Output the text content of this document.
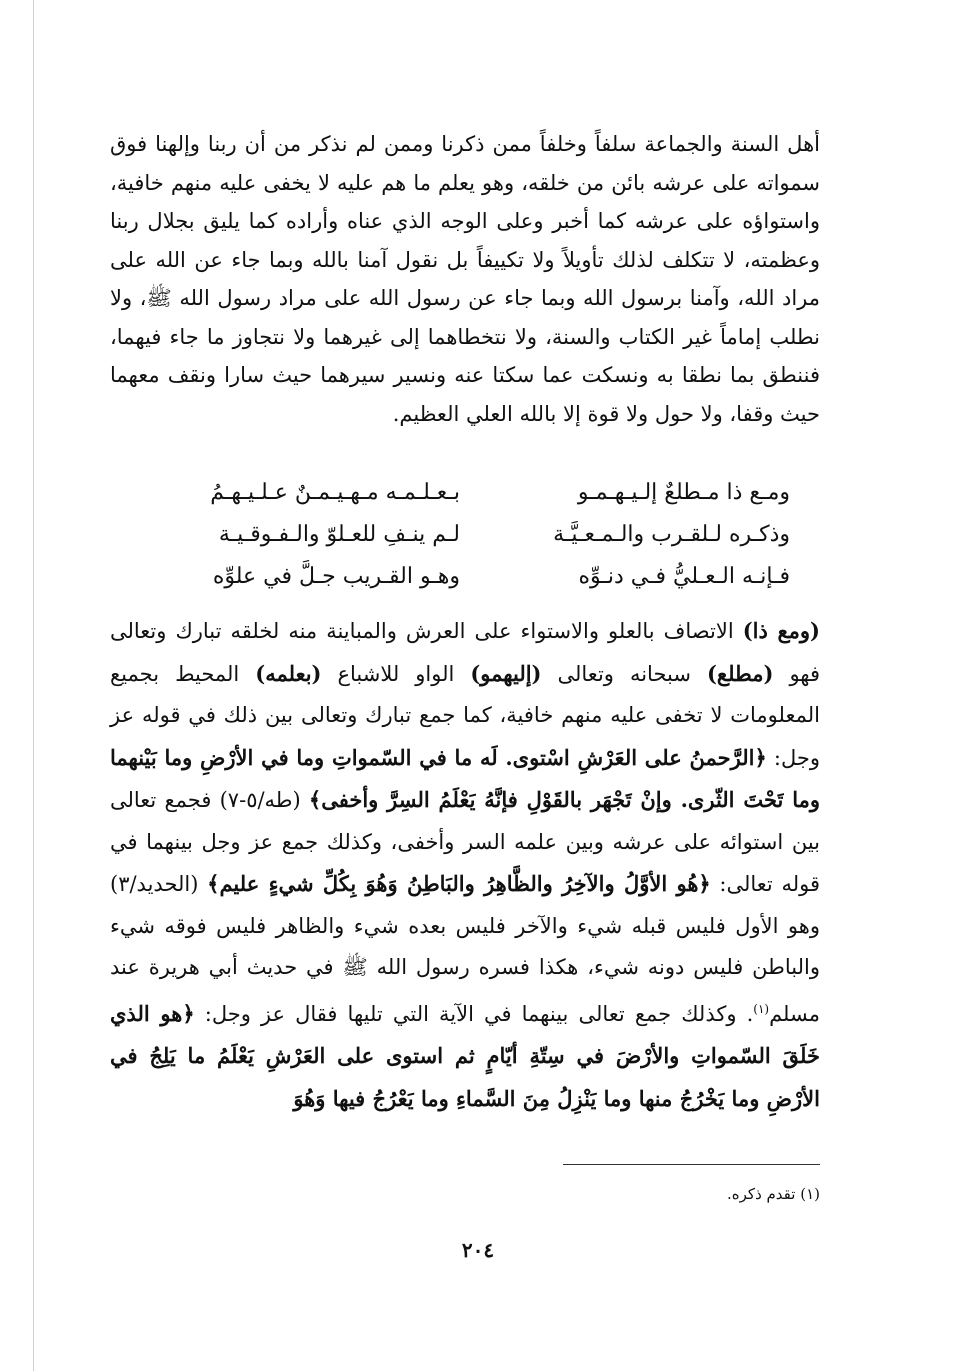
أهل السنة والجماعة سلفاً وخلفاً ممن ذكرنا وممن لم نذكر من أن ربنا وإلهنا فوق سمواته على عرشه بائن من خلقه، وهو يعلم ما هم عليه لا يخفى عليه منهم خافية، واستواؤه على عرشه كما أخبر وعلى الوجه الذي عناه وأراده كما يليق بجلال ربنا وعظمته، لا تتكلف لذلك تأويلاً ولا تكييفاً بل نقول آمنا بالله وبما جاء عن الله على مراد الله، وآمنا برسول الله وبما جاء عن رسول الله على مراد رسول الله ﷺ، ولا نطلب إماماً غير الكتاب والسنة، ولا نتخطاهما إلى غيرهما ولا نتجاوز ما جاء فيهما، فننطق بما نطقا به ونسكت عما سكتا عنه ونسير سيرهما حيث سارا ونقف معهما حيث وقفا، ولا حول ولا قوة إلا بالله العلي العظيم.

ومـع ذا مـطلعٌ إلـيـهـمـو
بـعـلـمـه مـهـيـمـنٌ عـلـيـهـمُ
وذكـره لـلقـرب والـمـعـيَّـة
لـم ينـفِ للعـلوّ والـفـوقـيـة
فـإنـه الـعـليُّ فـي دنـوِّه
وهـو القـريب جـلَّ في علوِّه

(ومع ذا) الاتصاف بالعلو والاستواء على العرش والمباينة منه لخلقه تبارك وتعالى فهو (مطلع) سبحانه وتعالى (إليهمو) الواو للاشباع (بعلمه) المحيط بجميع المعلومات لا تخفى عليه منهم خافية، كما جمع تبارك وتعالى بين ذلك في قوله عز وجل: ﴿الرَّحمنُ على العَرْشِ اسْتوى. لَه ما في السّمواتِ وما في الأرْضِ وما بَيْنهما وما تَحْتَ الثّرى. وإنْ تَجْهَر بالقَوْلِ فإنَّهُ يَعْلَمُ السِرَّ وأخفى﴾ (طه/٥-٧) فجمع تعالى بين استوائه على عرشه وبين علمه السر وأخفى، وكذلك جمع عز وجل بينهما في قوله تعالى: ﴿هُو الأوَّلُ والآخِرُ والظَّاهِرُ والبَاطِنُ وَهُوَ بِكُلِّ شيءٍ عليم﴾ (الحديد/٣) وهو الأول فليس قبله شيء والآخر فليس بعده شيء والظاهر فليس فوقه شيء والباطن فليس دونه شيء، هكذا فسره رسول الله ﷺ في حديث أبي هريرة عند مسلم$^{(١)}$. وكذلك جمع تعالى بينهما في الآية التي تليها فقال عز وجل: ﴿هو الذي خَلَقَ السّمواتِ والأرْضَ في سِتّةِ أيّامٍ ثم استوى على العَرْشِ يَعْلَمُ ما يَلِجُ في الأرْضِ وما يَخْرُجُ منها وما يَنْزِلُ مِنَ السَّماءِ وما يَعْرُجُ فيها وَهُوَ

(١) تقدم ذكره.
٢٠٤
